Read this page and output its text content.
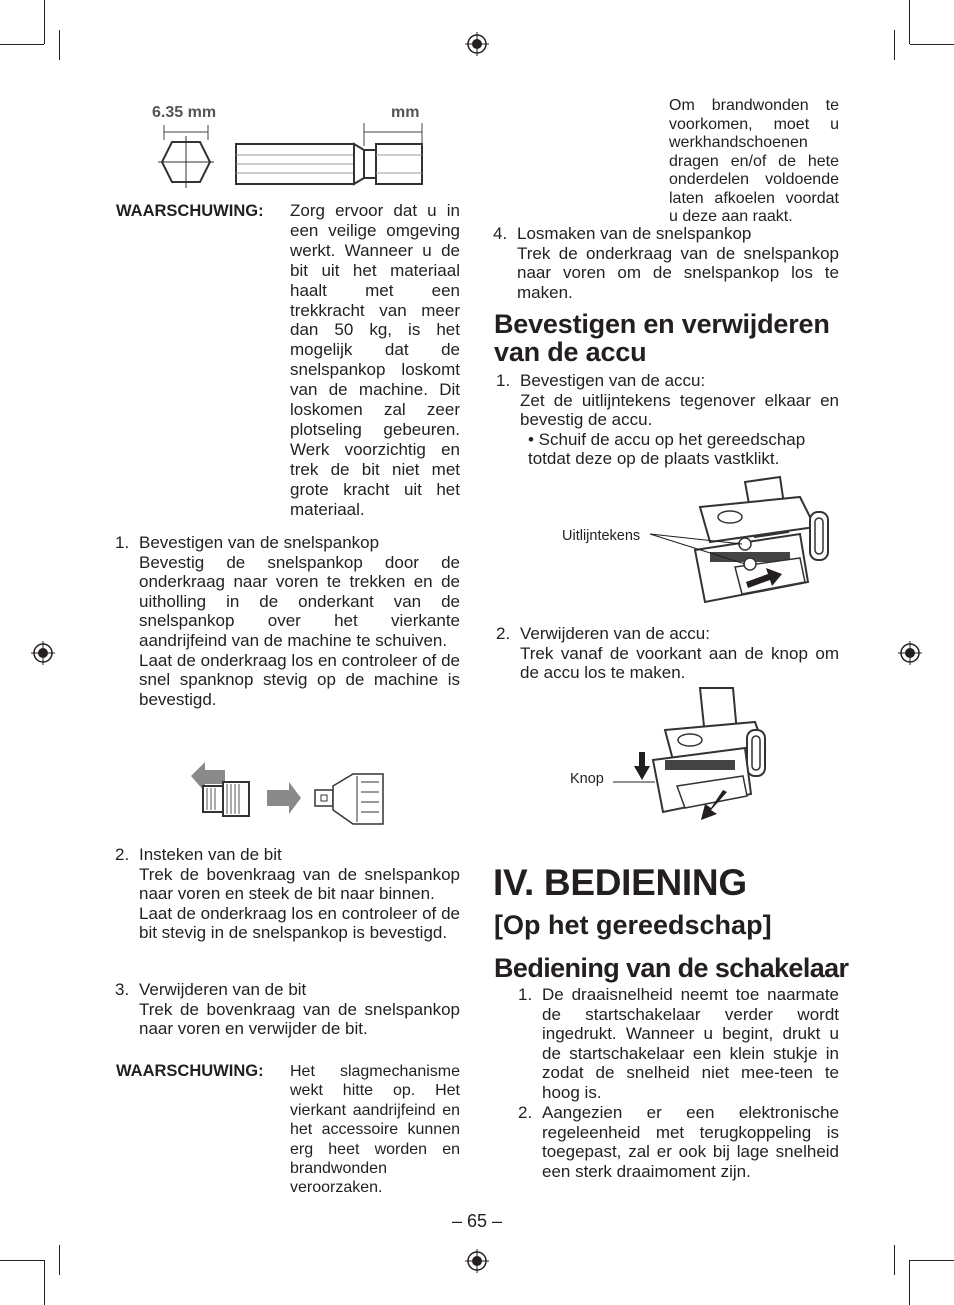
6.35 mm	mm
WAARSCHUWING: Zorg ervoor dat u in een veilige omgeving werkt. Wanneer u de bit uit het materiaal haalt met een trekkracht van meer dan 50 kg, is het mogelijk dat de snelspankop loskomt van de machine. Dit loskomen zal zeer plotseling gebeuren. Werk voorzichtig en trek de bit niet met grote kracht uit het materiaal.
1. Bevestigen van de snelspankop
Bevestig de snelspankop door de onderkraag naar voren te trekken en de uitholling in de onderkant van de snelspankop over het vierkante aandrijfeind van de machine te schuiven.
Laat de onderkraag los en controleer of de snel spanknop stevig op de machine is bevestigd.
2. Insteken van de bit
Trek de bovenkraag van de snelspankop naar voren en steek de bit naar binnen.
Laat de onderkraag los en controleer of de bit stevig in de snelspankop is bevestigd.
3. Verwijderen van de bit
Trek de bovenkraag van de snelspankop naar voren en verwijder de bit.
WAARSCHUWING: Het slagmechanisme wekt hitte op. Het vierkant aandrijfeind en het accessoire kunnen erg heet worden en brandwonden veroorzaken.
Om brandwonden te voorkomen, moet u werkhandschoenen dragen en/of de hete onderdelen voldoende laten afkoelen voordat u deze aan raakt.
4. Losmaken van de snelspankop
Trek de onderkraag van de snelspankop naar voren om de snelspankop los te maken.
Bevestigen en verwijderen van de accu
1. Bevestigen van de accu:
Zet de uitlijntekens tegenover elkaar en bevestig de accu.
• Schuif de accu op het gereedschap totdat deze op de plaats vastklikt.
Uitlijntekens
2. Verwijderen van de accu:
Trek vanaf de voorkant aan de knop om de accu los te maken.
Knop
IV. BEDIENING
[Op het gereedschap]
Bediening van de schakelaar
1. De draaisnelheid neemt toe naarmate de startschakelaar verder wordt ingedrukt. Wanneer u begint, drukt u de startschakelaar een klein stukje in zodat de snelheid niet mee-teen te hoog is.
2. Aangezien er een elektronische regeleenheid met terugkoppeling is toegepast, zal er ook bij lage snelheid een sterk draaimoment zijn.
– 65 –
